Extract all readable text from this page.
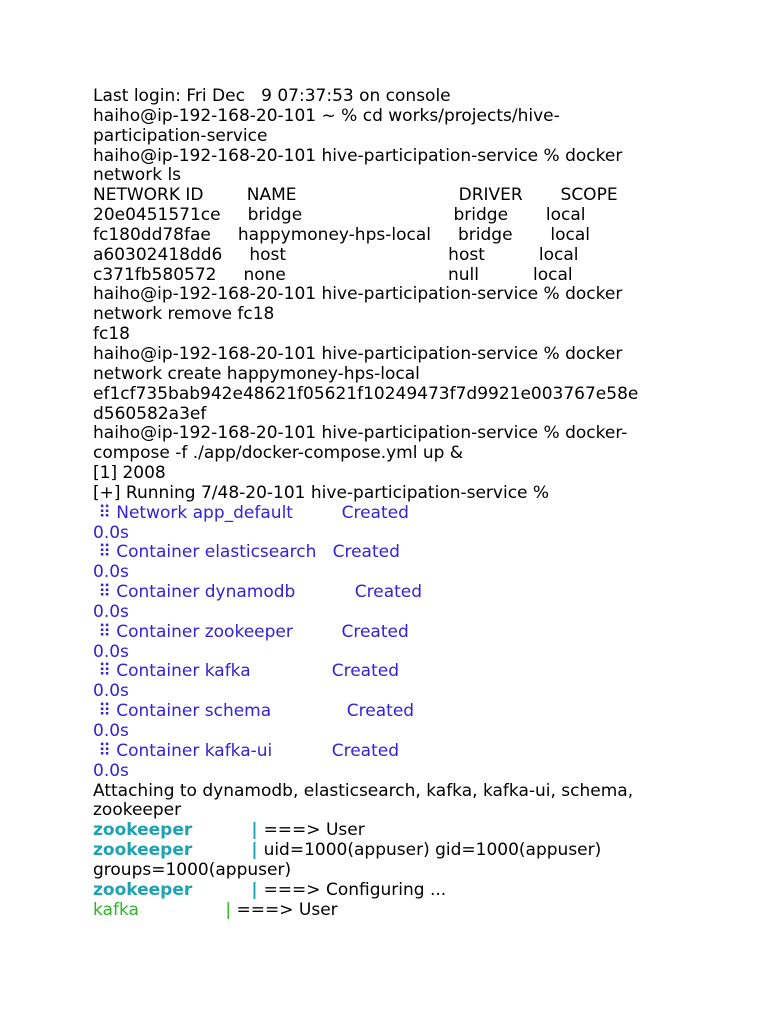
Last login: Fri Dec   9 07:37:53 on console
haiho@ip-192-168-20-101 ~ % cd works/projects/hive-
participation-service
haiho@ip-192-168-20-101 hive-participation-service % docker
network ls
NETWORK ID        NAME                              DRIVER       SCOPE
20e0451571ce     bridge                            bridge       local
fc180dd78fae     happymoney-hps-local     bridge       local
a60302418dd6     host                              host          local
c371fb580572     none                              null          local
haiho@ip-192-168-20-101 hive-participation-service % docker
network remove fc18
fc18
haiho@ip-192-168-20-101 hive-participation-service % docker
network create happymoney-hps-local
ef1cf735bab942e48621f05621f10249473f7d9921e003767e58e
d560582a3ef
haiho@ip-192-168-20-101 hive-participation-service % docker-
compose -f ./app/docker-compose.yml up &
[1] 2008
[+] Running 7/48-20-101 hive-participation-service %
⠿ Network app_default         Created
0.0s
⠿ Container elasticsearch   Created
0.0s
⠿ Container dynamodb           Created
0.0s
⠿ Container zookeeper         Created
0.0s
⠿ Container kafka               Created
0.0s
⠿ Container schema              Created
0.0s
⠿ Container kafka-ui           Created
0.0s
Attaching to dynamodb, elasticsearch, kafka, kafka-ui, schema,
zookeeper
zookeeper          | ===> User
zookeeper          | uid=1000(appuser) gid=1000(appuser)
groups=1000(appuser)
zookeeper          | ===> Configuring ...
kafka                | ===> User
